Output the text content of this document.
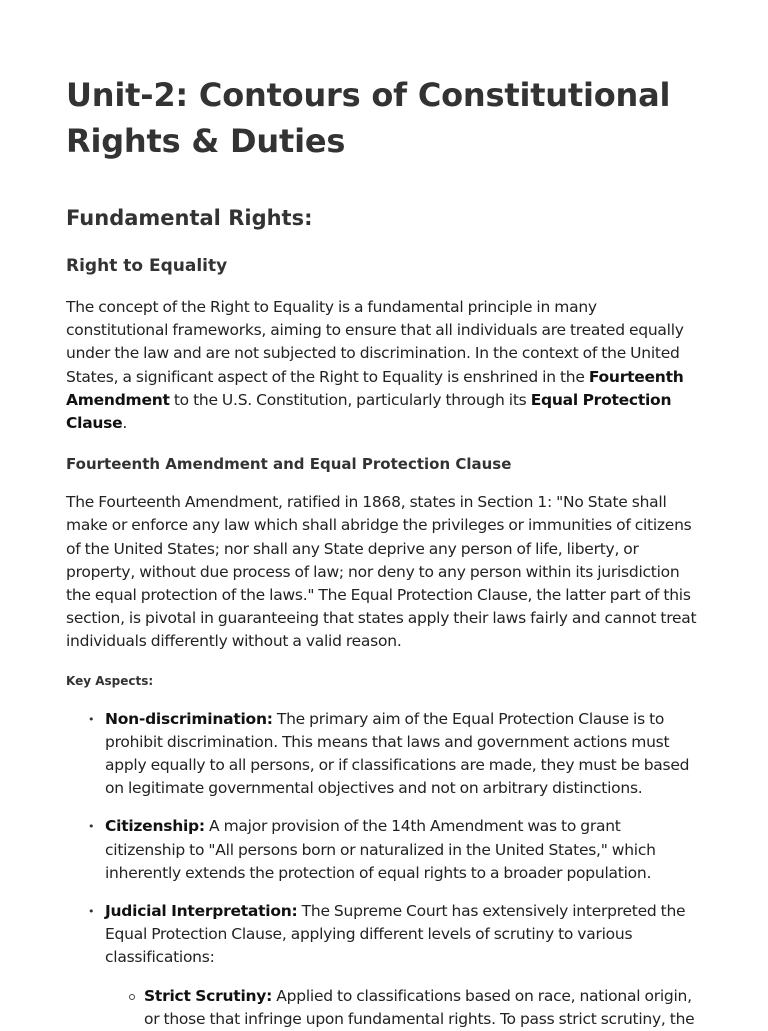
Unit-2: Contours of Constitutional Rights & Duties
Fundamental Rights:
Right to Equality

The concept of the Right to Equality is a fundamental principle in many constitutional frameworks, aiming to ensure that all individuals are treated equally under the law and are not subjected to discrimination. In the context of the United States, a significant aspect of the Right to Equality is enshrined in the Fourteenth Amendment to the U.S. Constitution, particularly through its Equal Protection Clause.

Fourteenth Amendment and Equal Protection Clause

The Fourteenth Amendment, ratified in 1868, states in Section 1: "No State shall make or enforce any law which shall abridge the privileges or immunities of citizens of the United States; nor shall any State deprive any person of life, liberty, or property, without due process of law; nor deny to any person within its jurisdiction the equal protection of the laws." The Equal Protection Clause, the latter part of this section, is pivotal in guaranteeing that states apply their laws fairly and cannot treat individuals differently without a valid reason.

Key Aspects:
• Non-discrimination: The primary aim of the Equal Protection Clause is to prohibit discrimination. This means that laws and government actions must apply equally to all persons, or if classifications are made, they must be based on legitimate governmental objectives and not on arbitrary distinctions.
• Citizenship: A major provision of the 14th Amendment was to grant citizenship to "All persons born or naturalized in the United States," which inherently extends the protection of equal rights to a broader population.
• Judicial Interpretation: The Supreme Court has extensively interpreted the Equal Protection Clause, applying different levels of scrutiny to various classifications:
Strict Scrutiny: Applied to classifications based on race, national origin, or those that infringe upon fundamental rights. To pass strict scrutiny, the
